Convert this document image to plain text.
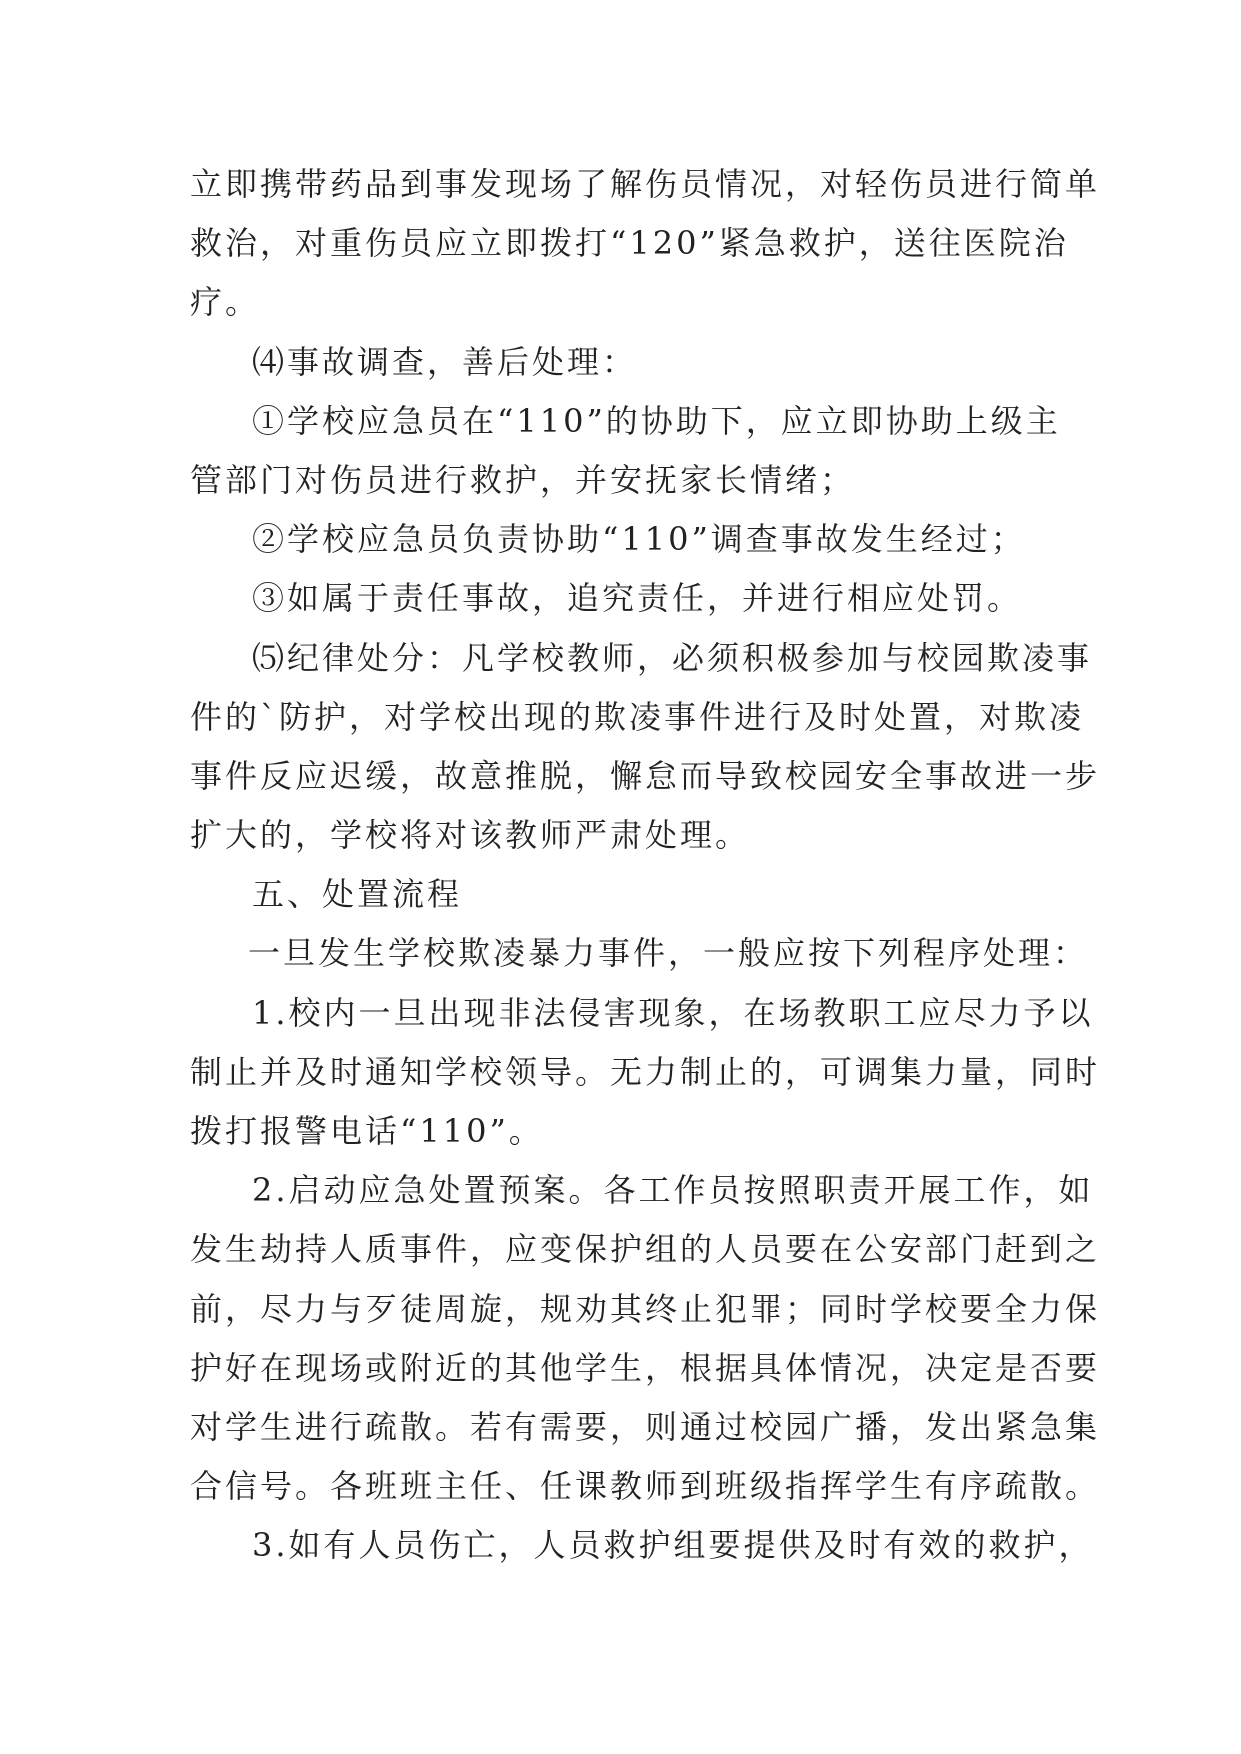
立即携带药品到事发现场了解伤员情况，对轻伤员进行简单
救治，对重伤员应立即拨打“120”紧急救护，送往医院治
疗。
⑷事故调查，善后处理：
①学校应急员在“110”的协助下，应立即协助上级主
管部门对伤员进行救护，并安抚家长情绪；
②学校应急员负责协助“110”调查事故发生经过；
③如属于责任事故，追究责任，并进行相应处罚。
⑸纪律处分：凡学校教师，必须积极参加与校园欺凌事
件的`防护，对学校出现的欺凌事件进行及时处置，对欺凌
事件反应迟缓，故意推脱，懈怠而导致校园安全事故进一步
扩大的，学校将对该教师严肃处理。
五、处置流程
一旦发生学校欺凌暴力事件，一般应按下列程序处理：
1.校内一旦出现非法侵害现象，在场教职工应尽力予以
制止并及时通知学校领导。无力制止的，可调集力量，同时
拨打报警电话“110”。
2.启动应急处置预案。各工作员按照职责开展工作，如
发生劫持人质事件，应变保护组的人员要在公安部门赶到之
前，尽力与歹徒周旋，规劝其终止犯罪；同时学校要全力保
护好在现场或附近的其他学生，根据具体情况，决定是否要
对学生进行疏散。若有需要，则通过校园广播，发出紧急集
合信号。各班班主任、任课教师到班级指挥学生有序疏散。
3.如有人员伤亡，人员救护组要提供及时有效的救护，
